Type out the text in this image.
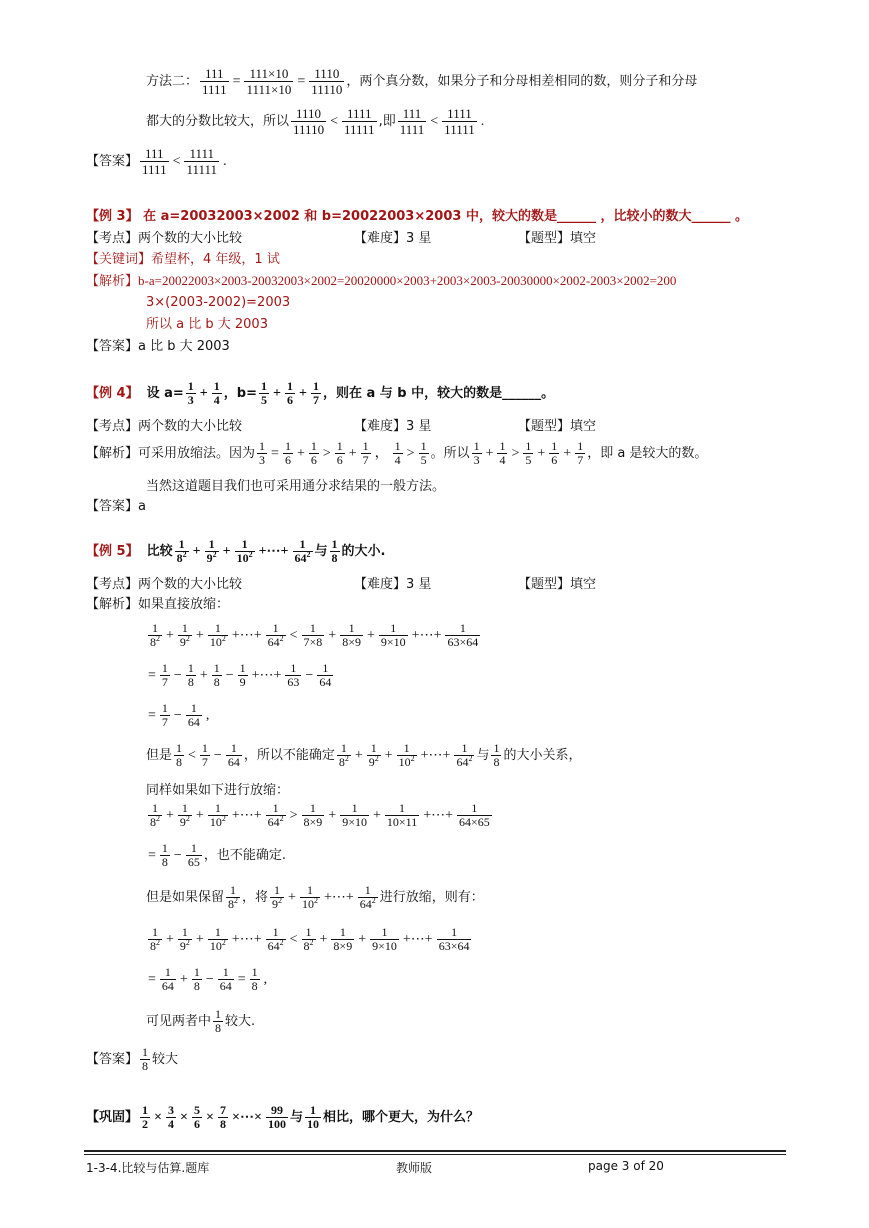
方法二： $\frac{111}{1111} = \frac{111\times 10}{1111\times 10} = \frac{1110}{11110}$ ，两个真分数，如果分子和分母相差相同的数，则分子和分母
都大的分数比较大，所以 $\frac{1110}{11110} < \frac{1111}{11111}$ ,即 $\frac{111}{1111} < \frac{1111}{11111}$ .
【答案】 $\frac{111}{1111} < \frac{1111}{11111}$ .
【例 3】 在 a=20032003×2002 和 b=20022003×2003 中，较大的数是______ ，比较小的数大______ 。
【考点】两个数的大小比较	【难度】3 星	【题型】填空
【关键词】希望杯，4 年级，1 试
【解析】b-a=20022003×2003-20032003×2002=20020000×2003+2003×2003-20030000×2002-2003×2002=200
3×(2003-2002)=2003
所以 a 比 b 大 2003
【答案】a 比 b 大 2003
【例 4】 设 $a= \frac{1}{3} + \frac{1}{4}$ ，$b= \frac{1}{5} + \frac{1}{6} + \frac{1}{7}$ ，则在 a 与 b 中，较大的数是______。
【考点】两个数的大小比较	【难度】3 星	【题型】填空
【解析】 可采用放缩法。因为 $\frac{1}{3} = \frac{1}{6} + \frac{1}{6} > \frac{1}{6} + \frac{1}{7}$ ， $\frac{1}{4} > \frac{1}{5}$ 。所以 $\frac{1}{3} + \frac{1}{4} > \frac{1}{5} + \frac{1}{6} + \frac{1}{7}$ ，即 a 是较大的数。
当然这道题目我们也可采用通分求结果的一般方法。
【答案】a
【例 5】 比较 $\frac{1}{8^2} + \frac{1}{9^2} + \frac{1}{10^2}$ +⋯+ $\frac{1}{64^2}$ 与 $\frac{1}{8}$ 的大小.
【考点】两个数的大小比较	【难度】3 星	【题型】填空
【解析】如果直接放缩：
$\frac{1}{8^2} + \frac{1}{9^2} + \frac{1}{10^2}$ +⋯+ $\frac{1}{64^2} < \frac{1}{7\times 8} + \frac{1}{8\times 9} + \frac{1}{9\times 10}$ +⋯+ $\frac{1}{63\times 64}$
= $\frac{1}{7} - \frac{1}{8} + \frac{1}{8} - \frac{1}{9}$ +⋯+ $\frac{1}{63} - \frac{1}{64}$
= $\frac{1}{7} - \frac{1}{64}$ ,
但是 $\frac{1}{8} < \frac{1}{7} - \frac{1}{64}$ ，所以不能确定 $\frac{1}{8^2} + \frac{1}{9^2} + \frac{1}{10^2}$ +⋯+ $\frac{1}{64^2}$ 与 $\frac{1}{8}$ 的大小关系，
同样如果如下进行放缩：
$\frac{1}{8^2} + \frac{1}{9^2} + \frac{1}{10^2}$ +⋯+ $\frac{1}{64^2} > \frac{1}{8\times 9} + \frac{1}{9\times 10} + \frac{1}{10\times 11}$ +⋯+ $\frac{1}{64\times 65}$
= $\frac{1}{8} - \frac{1}{65}$ ，也不能确定.
但是如果保留 $\frac{1}{8^2}$ ，将 $\frac{1}{9^2} + \frac{1}{10^2}$ +⋯+ $\frac{1}{64^2}$ 进行放缩，则有：
$\frac{1}{8^2} + \frac{1}{9^2} + \frac{1}{10^2}$ +⋯+ $\frac{1}{64^2} < \frac{1}{8^2} + \frac{1}{8\times 9} + \frac{1}{9\times 10}$ +⋯+ $\frac{1}{63\times 64}$
= $\frac{1}{64} + \frac{1}{8} - \frac{1}{64} = \frac{1}{8}$ ,
可见两者中 $\frac{1}{8}$ 较大.
【答案】 $\frac{1}{8}$ 较大
【巩固】 $\frac{1}{2} \times \frac{3}{4} \times \frac{5}{6} \times \frac{7}{8}$ ×⋯× $\frac{99}{100}$ 与 $\frac{1}{10}$ 相比，哪个更大，为什么？
1-3-4.比较与估算.题库	教师版	page 3 of 20
